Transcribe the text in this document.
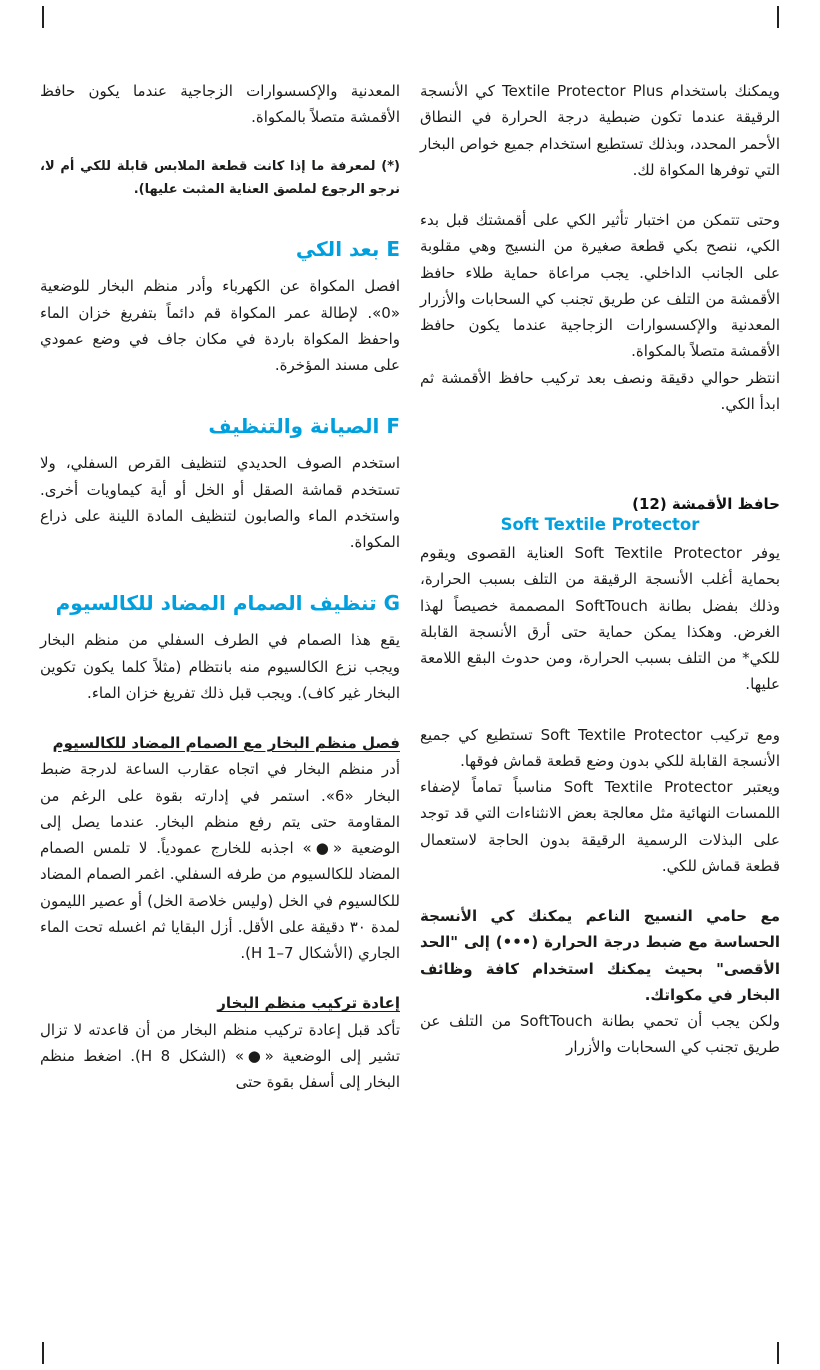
ويمكنك باستخدام Textile Protector Plus كي الأنسجة الرقيقة عندما تكون ضبطية درجة الحرارة في النطاق الأحمر المحدد، وبذلك تستطيع استخدام جميع خواص البخار التي توفرها المكواة لك.

وحتى تتمكن من اختبار تأثير الكي على أقمشتك قبل بدء الكي، ننصح بكي قطعة صغيرة من النسيج وهي مقلوبة على الجانب الداخلي. يجب مراعاة حماية طلاء حافظ الأقمشة من التلف عن طريق تجنب كي السحابات والأزرار المعدنية والإكسسوارات الزجاجية عندما يكون حافظ الأقمشة متصلاً بالمكواة.

انتظر حوالي دقيقة ونصف بعد تركيب حافظ الأقمشة ثم ابدأ الكي.

حافظ الأقمشة (12)
Soft Textile Protector

يوفر Soft Textile Protector العناية القصوى ويقوم بحماية أغلب الأنسجة الرقيقة من التلف بسبب الحرارة، وذلك بفضل بطانة SoftTouch المصممة خصيصاً لهذا الغرض. وهكذا يمكن حماية حتى أرق الأنسجة القابلة للكي* من التلف بسبب الحرارة، ومن حدوث البقع اللامعة عليها.

ومع تركيب Soft Textile Protector تستطيع كي جميع الأنسجة القابلة للكي بدون وضع قطعة قماش فوقها.

ويعتبر Soft Textile Protector مناسباً تماماً لإضفاء اللمسات النهائية مثل معالجة بعض الانثناءات التي قد توجد على البذلات الرسمية الرقيقة بدون الحاجة لاستعمال قطعة قماش للكي.

مع حامي النسيج الناعم يمكنك كي الأنسجة الحساسة مع ضبط درجة الحرارة (•••) إلى "الحد الأقصى" بحيث يمكنك استخدام كافة وظائف البخار في مكواتك.

ولكن يجب أن تحمي بطانة SoftTouch من التلف عن طريق تجنب كي السحابات والأزرار

المعدنية والإكسسوارات الزجاجية عندما يكون حافظ الأقمشة متصلاً بالمكواة.

(*) لمعرفة ما إذا كانت قطعة الملابس قابلة للكي أم لا، نرجو الرجوع لملصق العناية المثبت عليها).

E بعد الكي

افصل المكواة عن الكهرباء وأدر منظم البخار للوضعية «0». لإطالة عمر المكواة قم دائماً بتفريغ خزان الماء واحفظ المكواة باردة في مكان جاف في وضع عمودي على مسند المؤخرة.

F الصيانة والتنظيف

استخدم الصوف الحديدي لتنظيف القرص السفلي، ولا تستخدم قماشة الصقل أو الخل أو أية كيماويات أخرى. واستخدم الماء والصابون لتنظيف المادة اللينة على ذراع المكواة.

G تنظيف الصمام المضاد للكالسيوم

يقع هذا الصمام في الطرف السفلي من منظم البخار ويجب نزع الكالسيوم منه بانتظام (مثلاً كلما يكون تكوين البخار غير كاف). ويجب قبل ذلك تفريغ خزان الماء.

فصل منظم البخار مع الصمام المضاد للكالسيوم

أدر منظم البخار في اتجاه عقارب الساعة لدرجة ضبط البخار «6». استمر في إدارته بقوة على الرغم من المقاومة حتى يتم رفع منظم البخار. عندما يصل إلى الوضعية «●» اجذبه للخارج عمودياً. لا تلمس الصمام المضاد للكالسيوم من طرفه السفلي. اغمر الصمام المضاد للكالسيوم في الخل (وليس خلاصة الخل) أو عصير الليمون لمدة ٣٠ دقيقة على الأقل. أزل البقايا ثم اغسله تحت الماء الجاري (الأشكال H 1–7).

إعادة تركيب منظم البخار

تأكد قبل إعادة تركيب منظم البخار من أن قاعدته لا تزال تشير إلى الوضعية «●» (الشكل H 8). اضغط منظم البخار إلى أسفل بقوة حتى
